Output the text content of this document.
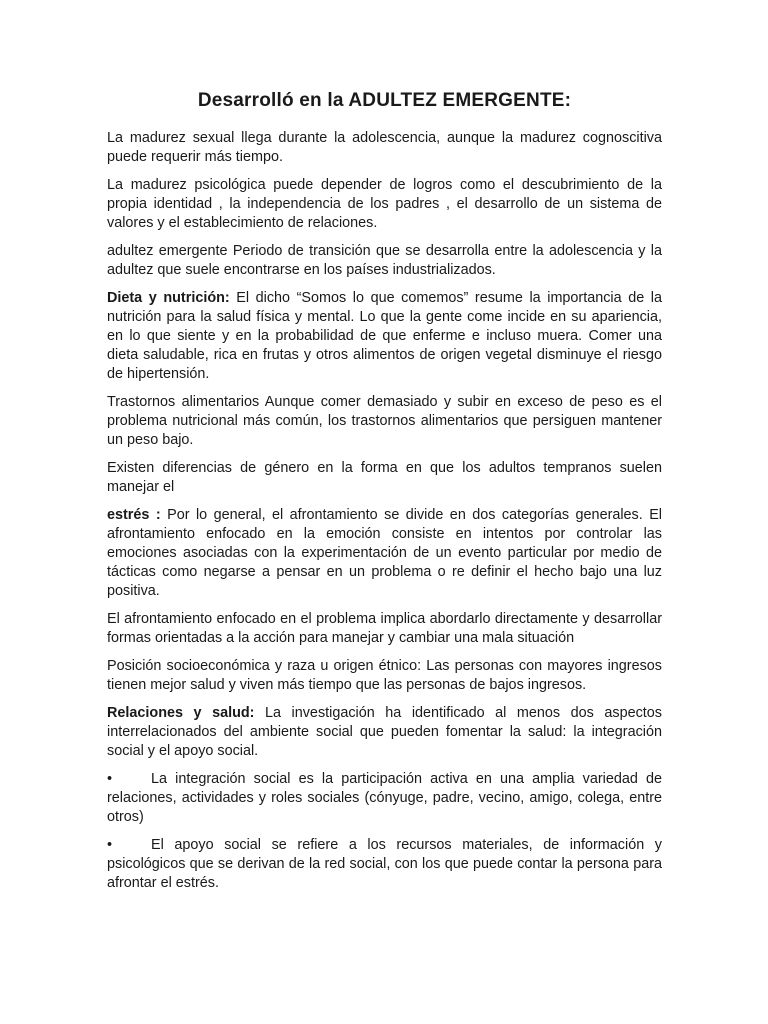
Desarrolló en la ADULTEZ EMERGENTE:

La madurez sexual llega durante la adolescencia, aunque la madurez cognoscitiva puede requerir más tiempo.

La madurez psicológica puede depender de logros como el descubrimiento de la propia identidad , la independencia de los padres , el desarrollo de un sistema de valores y el establecimiento de relaciones.

adultez emergente Periodo de transición que se desarrolla entre la adolescencia y la adultez que suele encontrarse en los países industrializados.

Dieta y nutrición: El dicho “Somos lo que comemos” resume la importancia de la nutrición para la salud física y mental. Lo que la gente come incide en su apariencia, en lo que siente y en la probabilidad de que enferme e incluso muera. Comer una dieta saludable, rica en frutas y otros alimentos de origen vegetal disminuye el riesgo de hipertensión.

Trastornos alimentarios Aunque comer demasiado y subir en exceso de peso es el problema nutricional más común, los trastornos alimentarios que persiguen mantener un peso bajo.

Existen diferencias de género en la forma en que los adultos tempranos suelen manejar el

estrés : Por lo general, el afrontamiento se divide en dos categorías generales. El afrontamiento enfocado en la emoción consiste en intentos por controlar las emociones asociadas con la experimentación de un evento particular por medio de tácticas como negarse a pensar en un problema o re definir el hecho bajo una luz positiva.

El afrontamiento enfocado en el problema implica abordarlo directamente y desarrollar formas orientadas a la acción para manejar y cambiar una mala situación

Posición socioeconómica y raza u origen étnico: Las personas con mayores ingresos tienen mejor salud y viven más tiempo que las personas de bajos ingresos.

Relaciones y salud: La investigación ha identificado al menos dos aspectos interrelacionados del ambiente social que pueden fomentar la salud: la integración social y el apoyo social.

•	La integración social es la participación activa en una amplia variedad de relaciones, actividades y roles sociales (cónyuge, padre, vecino, amigo, colega, entre otros)

•	El apoyo social se refiere a los recursos materiales, de información y psicológicos que se derivan de la red social, con los que puede contar la persona para afrontar el estrés.
